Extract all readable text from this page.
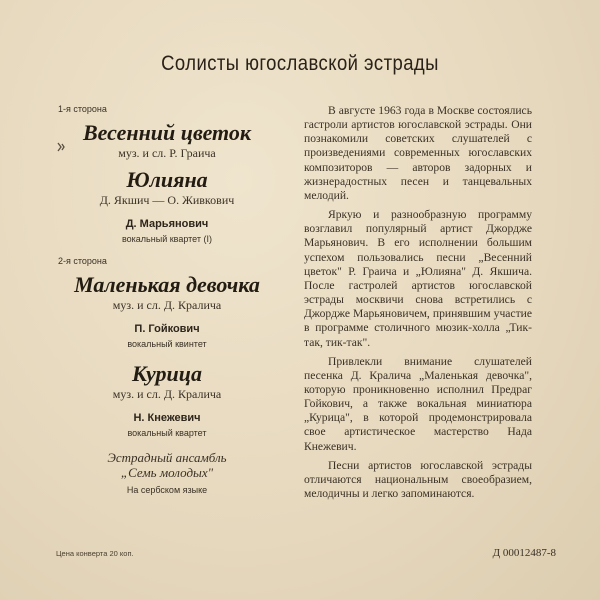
Солисты югославской эстрады
1-я сторона
Весенний цветок
муз. и сл. Р. Граича
Юлияна
Д. Якшич — О. Живкович
Д. Марьянович
вокальный квартет (I)
2-я сторона
Маленькая девочка
муз. и сл. Д. Кралича
П. Гойкович
вокальный квинтет
Курица
муз. и сл. Д. Кралича
Н. Кнежевич
вокальный квартет
Эстрадный ансамбль
„Семь молодых"
На сербском языке

В августе 1963 года в Москве состоялись гастроли артистов югославской эстрады. Они познакомили советских слушателей с произведениями современных югославских композиторов — авторов задорных и жизнерадостных песен и танцевальных мелодий.

Яркую и разнообразную программу возглавил популярный артист Джордже Марьянович. В его исполнении большим успехом пользовались песни „Весенний цветок" Р. Граича и „Юлияна" Д. Якшича. После гастролей артистов югославской эстрады москвичи снова встретились с Джордже Марьяновичем, принявшим участие в программе столичного мюзик-холла „Тик-так, тик-так".

Привлекли внимание слушателей песенка Д. Кралича „Маленькая девочка", которую проникновенно исполнил Предраг Гойкович, а также вокальная миниатюра „Курица", в которой продемонстрировала свое артистическое мастерство Нада Кнежевич.

Песни артистов югославской эстрады отличаются национальным своеобразием, мелодичны и легко запоминаются.

Цена конверта 20 коп.	Д 00012487-8
